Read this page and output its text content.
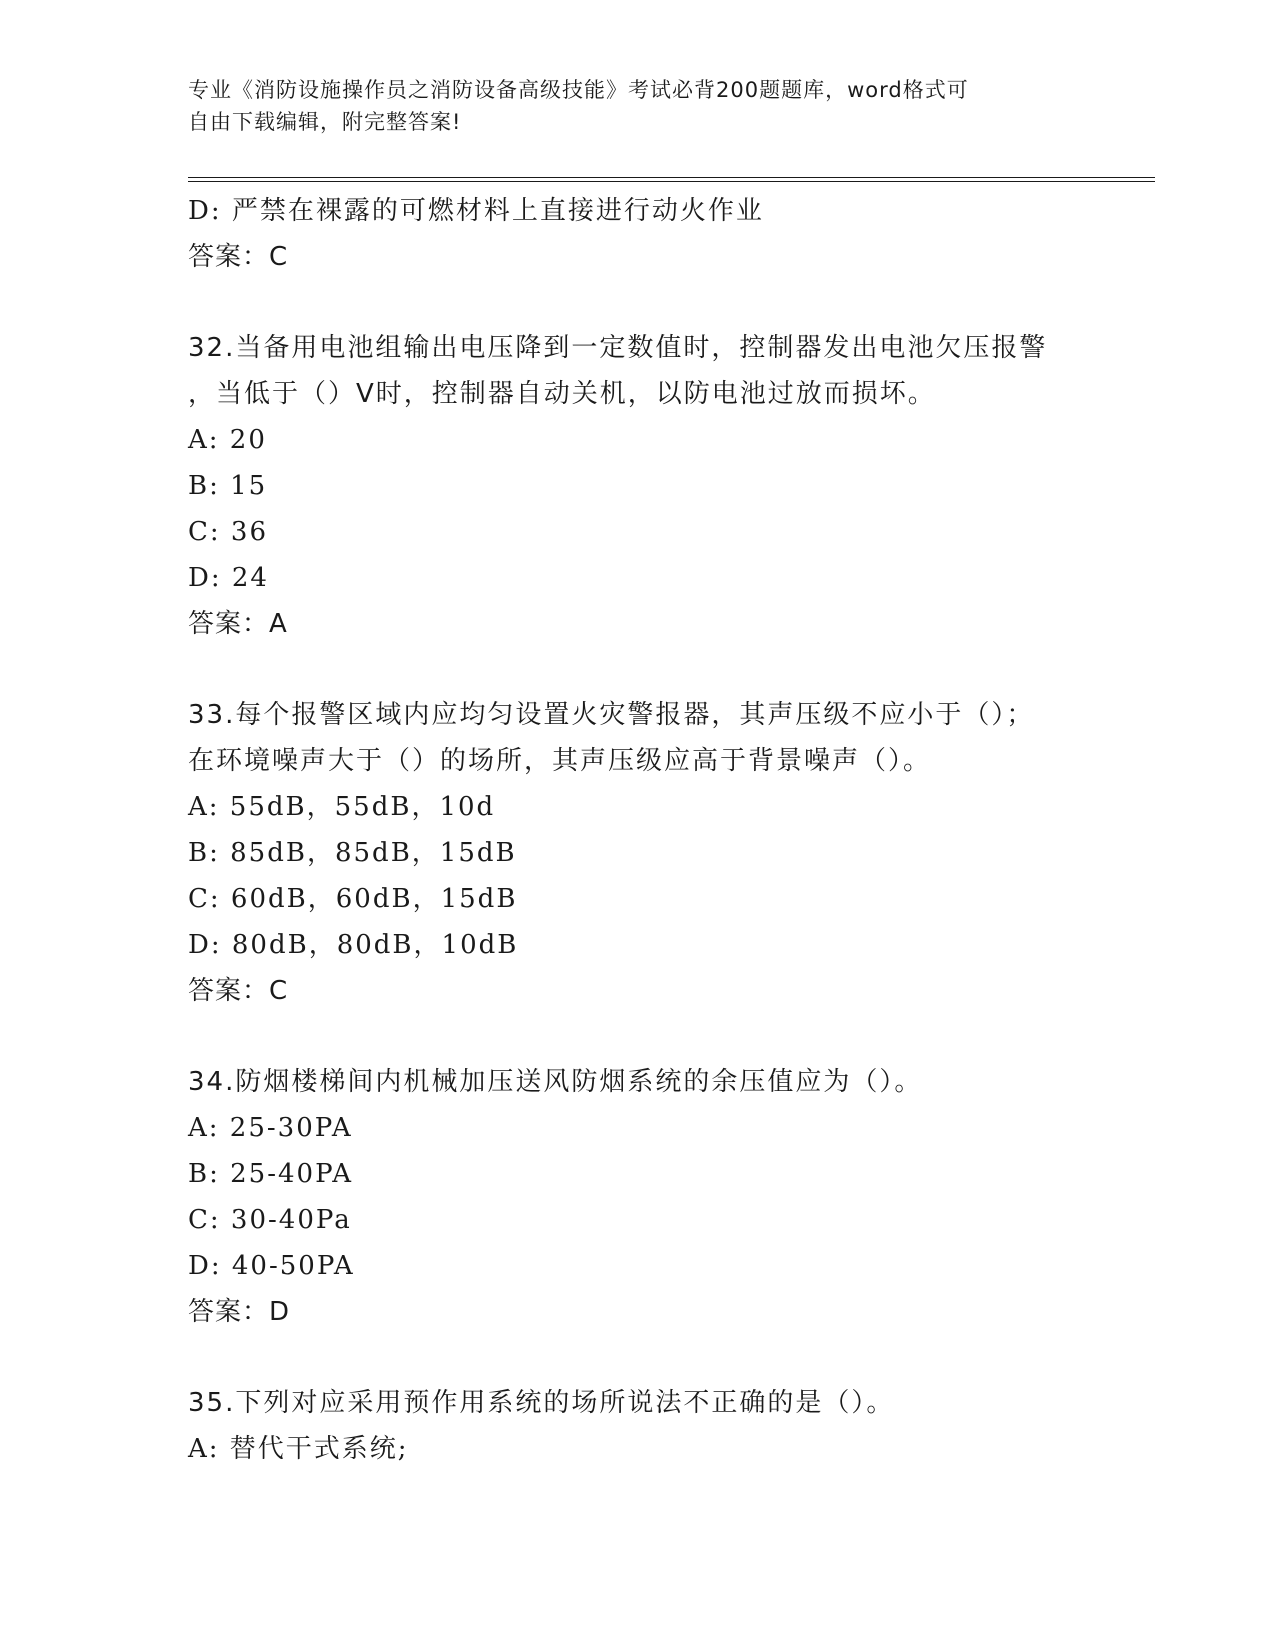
专业《消防设施操作员之消防设备高级技能》考试必背200题题库，word格式可
自由下载编辑，附完整答案!
D: 严禁在裸露的可燃材料上直接进行动火作业
答案：C
32.当备用电池组输出电压降到一定数值时，控制器发出电池欠压报警
，当低于（）V时，控制器自动关机，以防电池过放而损坏。
A: 20
B: 15
C: 36
D: 24
答案：A
33.每个报警区域内应均匀设置火灾警报器，其声压级不应小于（）；
在环境噪声大于（）的场所，其声压级应高于背景噪声（）。
A: 55dB，55dB，10d
B: 85dB，85dB，15dB
C: 60dB，60dB，15dB
D: 80dB，80dB，10dB
答案：C
34.防烟楼梯间内机械加压送风防烟系统的余压值应为（）。
A: 25-30PA
B: 25-40PA
C: 30-40Pa
D: 40-50PA
答案：D
35.下列对应采用预作用系统的场所说法不正确的是（）。
A: 替代干式系统;
